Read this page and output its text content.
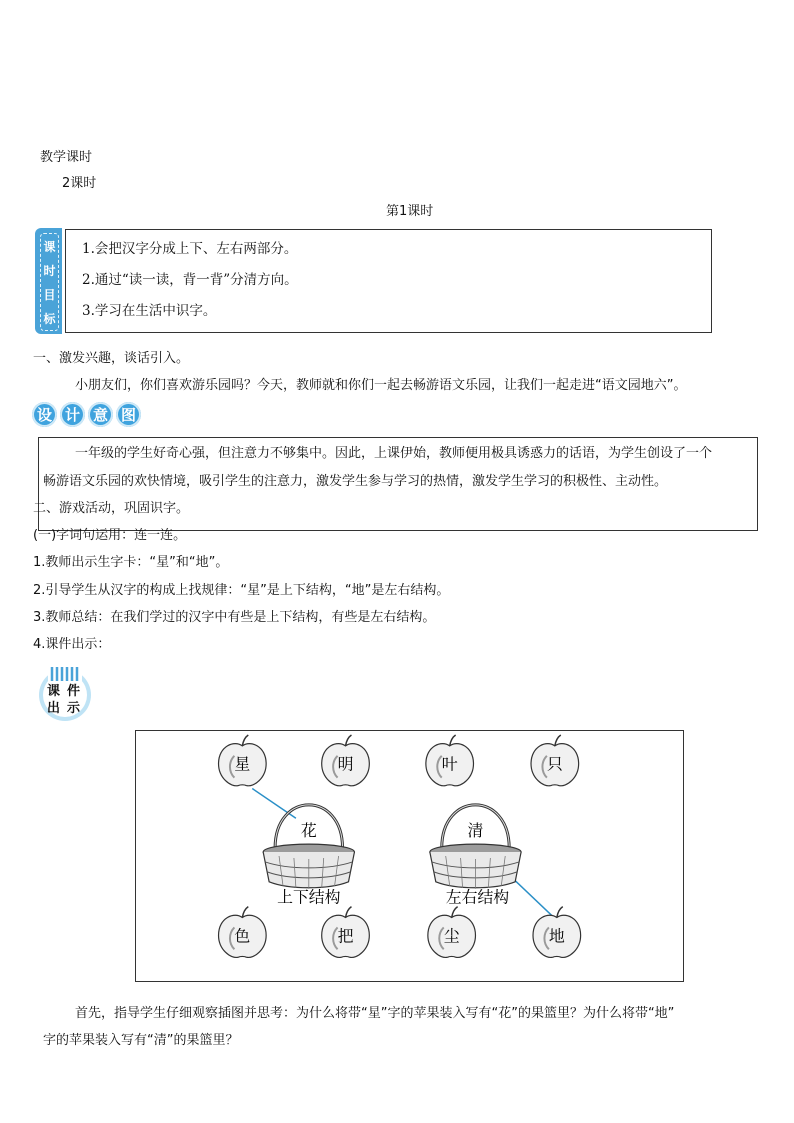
教学课时
2课时
第1课时
课
时
目
标
1.会把汉字分成上下、左右两部分。
2.通过“读一读，背一背”分清方向。
3.学习在生活中识字。
一、激发兴趣，谈话引入。
小朋友们，你们喜欢游乐园吗？今天，教师就和你们一起去畅游语文乐园，让我们一起走进“语文园地六”。
设 计 意 图
一年级的学生好奇心强，但注意力不够集中。因此，上课伊始，教师便用极具诱惑力的话语，为学生创设了一个
畅游语文乐园的欢快情境，吸引学生的注意力，激发学生参与学习的热情，激发学生学习的积极性、主动性。
二、游戏活动，巩固识字。
(一)字词句运用：连一连。
1.教师出示生字卡：“星”和“地”。
2.引导学生从汉字的构成上找规律：“星”是上下结构，“地”是左右结构。
3.教师总结：在我们学过的汉字中有些是上下结构，有些是左右结构。
4.课件出示：
课 件
出 示
星	明	叶	只
花	清
上下结构	左右结构
色	把	尘	地
首先，指导学生仔细观察插图并思考：为什么将带“星”字的苹果装入写有“花”的果篮里？为什么将带“地”
字的苹果装入写有“清”的果篮里？
